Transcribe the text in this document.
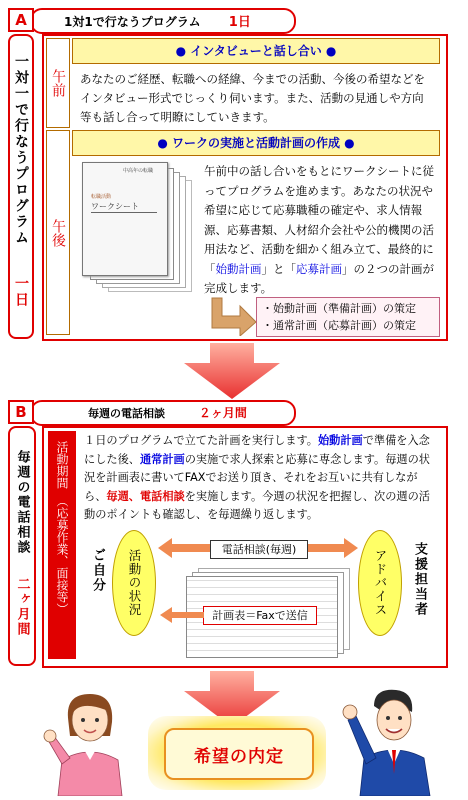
A	1対1で行なうプログラム 1日
一対一で行なうプログラム
一日
午前
● インタビューと話し合い ●
あなたのご経歴、転職への経緯、今までの活動、今後の希望などをインタビュー形式でじっくり伺います。また、活動の見通しや方向等も話し合って明瞭にしていきます。
午後
● ワークの実施と活動計画の作成 ●
中高年の転職
転職活動
ワークシート
午前中の話し合いをもとにワークシートに従ってプログラムを進めます。あなたの状況や希望に応じて応募職種の確定や、求人情報源、応募書類、人材紹介会社や公的機関の活用法など、活動を細かく組み立て、最終的に「始動計画」と「応募計画」の２つの計画が完成します。
・始動計画（準備計画）の策定
・通常計画（応募計画）の策定
B	毎週の電話相談	２ヶ月間
毎週の電話相談
二ヶ月間
活動期間
（応募作業、面接等）
１日のプログラムで立てた計画を実行します。始動計画で準備を入念にした後、通常計画の実施で求人探索と応募に専念します。毎週の状況を計画表に書いてFAXでお送り頂き、それをお互いに共有しながら、毎週、電話相談を実施します。今週の状況を把握し、次の週の活動のポイントも確認し、を毎週繰り返します。
ご自分	活動の状況	電話相談(毎週)
計画表＝Faxで送信	アドバイス	支援担当者
希望の内定
